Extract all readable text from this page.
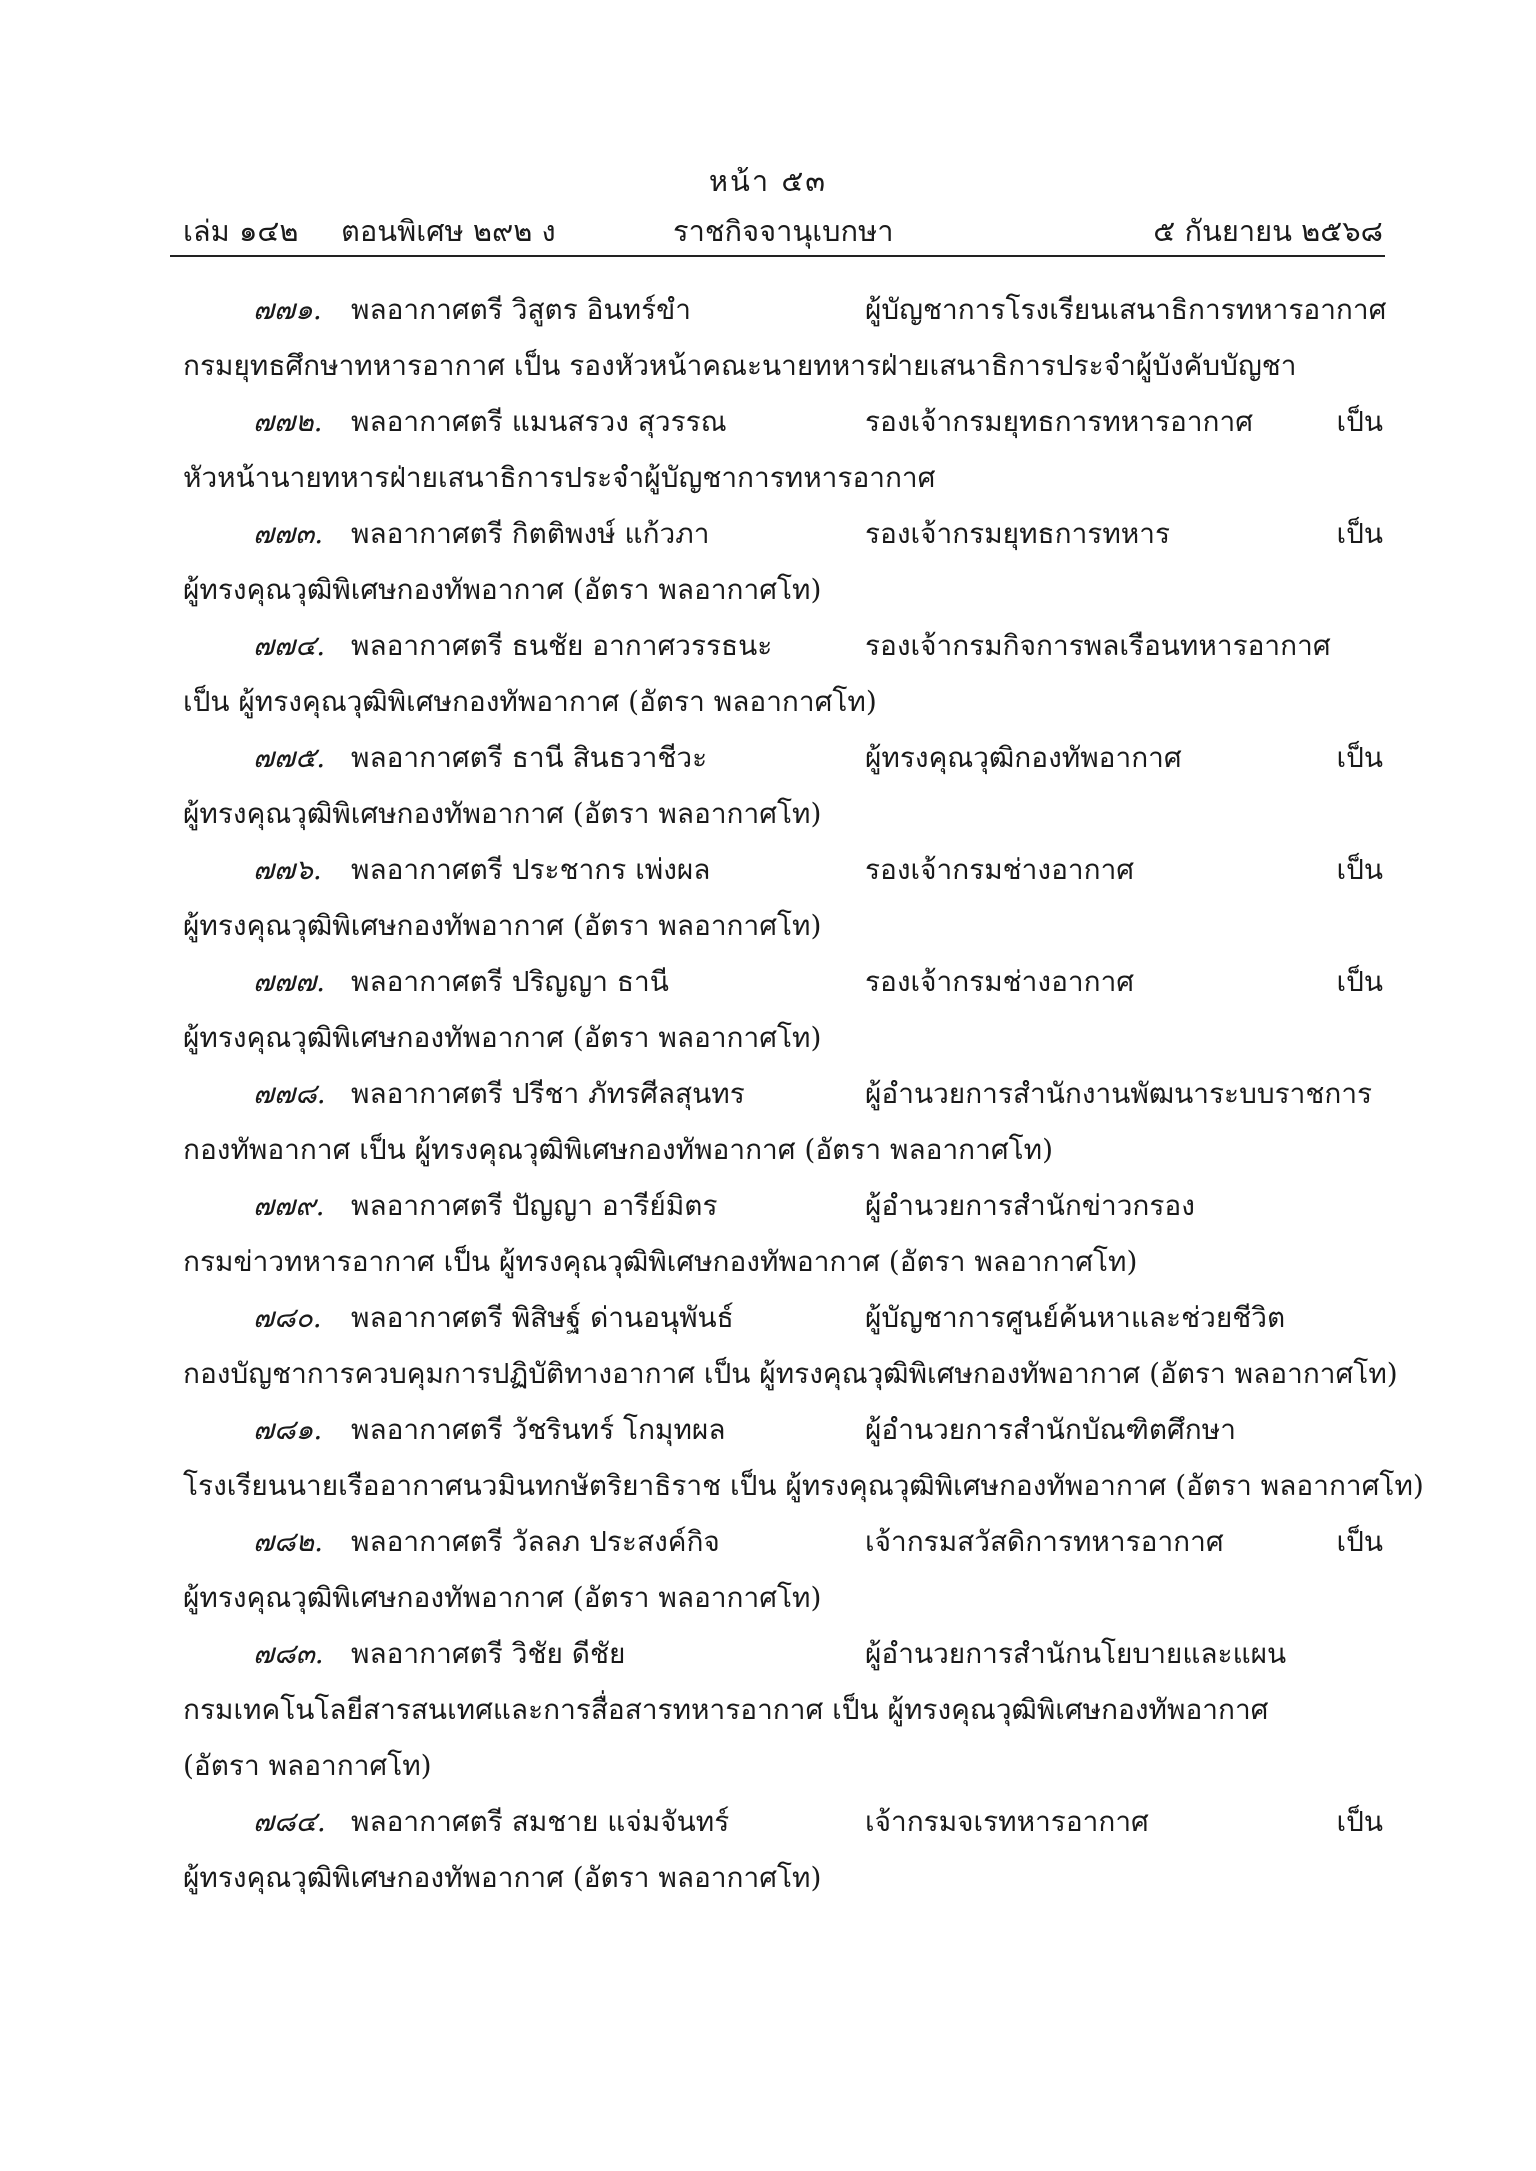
หน้า ๕๓
เล่ม ๑๔๒ ตอนพิเศษ ๒๙๒ ง	ราชกิจจานุเบกษา	๕ กันยายน ๒๕๖๘
๗๗๑. พลอากาศตรี วิสูตร อินทร์ขำ	ผู้บัญชาการโรงเรียนเสนาธิการทหารอากาศ
กรมยุทธศึกษาทหารอากาศ เป็น รองหัวหน้าคณะนายทหารฝ่ายเสนาธิการประจำผู้บังคับบัญชา
๗๗๒. พลอากาศตรี แมนสรวง สุวรรณ	รองเจ้ากรมยุทธการทหารอากาศ เป็น
หัวหน้านายทหารฝ่ายเสนาธิการประจำผู้บัญชาการทหารอากาศ
๗๗๓. พลอากาศตรี กิตติพงษ์ แก้วภา	รองเจ้ากรมยุทธการทหาร เป็น
ผู้ทรงคุณวุฒิพิเศษกองทัพอากาศ (อัตรา พลอากาศโท)
๗๗๔. พลอากาศตรี ธนชัย อากาศวรรธนะ	รองเจ้ากรมกิจการพลเรือนทหารอากาศ
เป็น ผู้ทรงคุณวุฒิพิเศษกองทัพอากาศ (อัตรา พลอากาศโท)
๗๗๕. พลอากาศตรี ธานี สินธวาชีวะ	ผู้ทรงคุณวุฒิกองทัพอากาศ เป็น
ผู้ทรงคุณวุฒิพิเศษกองทัพอากาศ (อัตรา พลอากาศโท)
๗๗๖. พลอากาศตรี ประชากร เพ่งผล	รองเจ้ากรมช่างอากาศ เป็น
ผู้ทรงคุณวุฒิพิเศษกองทัพอากาศ (อัตรา พลอากาศโท)
๗๗๗. พลอากาศตรี ปริญญา ธานี	รองเจ้ากรมช่างอากาศ เป็น
ผู้ทรงคุณวุฒิพิเศษกองทัพอากาศ (อัตรา พลอากาศโท)
๗๗๘. พลอากาศตรี ปรีชา ภัทรศีลสุนทร	ผู้อำนวยการสำนักงานพัฒนาระบบราชการ
กองทัพอากาศ เป็น ผู้ทรงคุณวุฒิพิเศษกองทัพอากาศ (อัตรา พลอากาศโท)
๗๗๙. พลอากาศตรี ปัญญา อารีย์มิตร	ผู้อำนวยการสำนักข่าวกรอง
กรมข่าวทหารอากาศ เป็น ผู้ทรงคุณวุฒิพิเศษกองทัพอากาศ (อัตรา พลอากาศโท)
๗๘๐. พลอากาศตรี พิสิษฐ์ ด่านอนุพันธ์	ผู้บัญชาการศูนย์ค้นหาและช่วยชีวิต
กองบัญชาการควบคุมการปฏิบัติทางอากาศ เป็น ผู้ทรงคุณวุฒิพิเศษกองทัพอากาศ (อัตรา พลอากาศโท)
๗๘๑. พลอากาศตรี วัชรินทร์ โกมุทผล	ผู้อำนวยการสำนักบัณฑิตศึกษา
โรงเรียนนายเรืออากาศนวมินทกษัตริยาธิราช เป็น ผู้ทรงคุณวุฒิพิเศษกองทัพอากาศ (อัตรา พลอากาศโท)
๗๘๒. พลอากาศตรี วัลลภ ประสงค์กิจ	เจ้ากรมสวัสดิการทหารอากาศ เป็น
ผู้ทรงคุณวุฒิพิเศษกองทัพอากาศ (อัตรา พลอากาศโท)
๗๘๓. พลอากาศตรี วิชัย ดีชัย	ผู้อำนวยการสำนักนโยบายและแผน
กรมเทคโนโลยีสารสนเทศและการสื่อสารทหารอากาศ เป็น ผู้ทรงคุณวุฒิพิเศษกองทัพอากาศ
(อัตรา พลอากาศโท)
๗๘๔. พลอากาศตรี สมชาย แจ่มจันทร์	เจ้ากรมจเรทหารอากาศ เป็น
ผู้ทรงคุณวุฒิพิเศษกองทัพอากาศ (อัตรา พลอากาศโท)
